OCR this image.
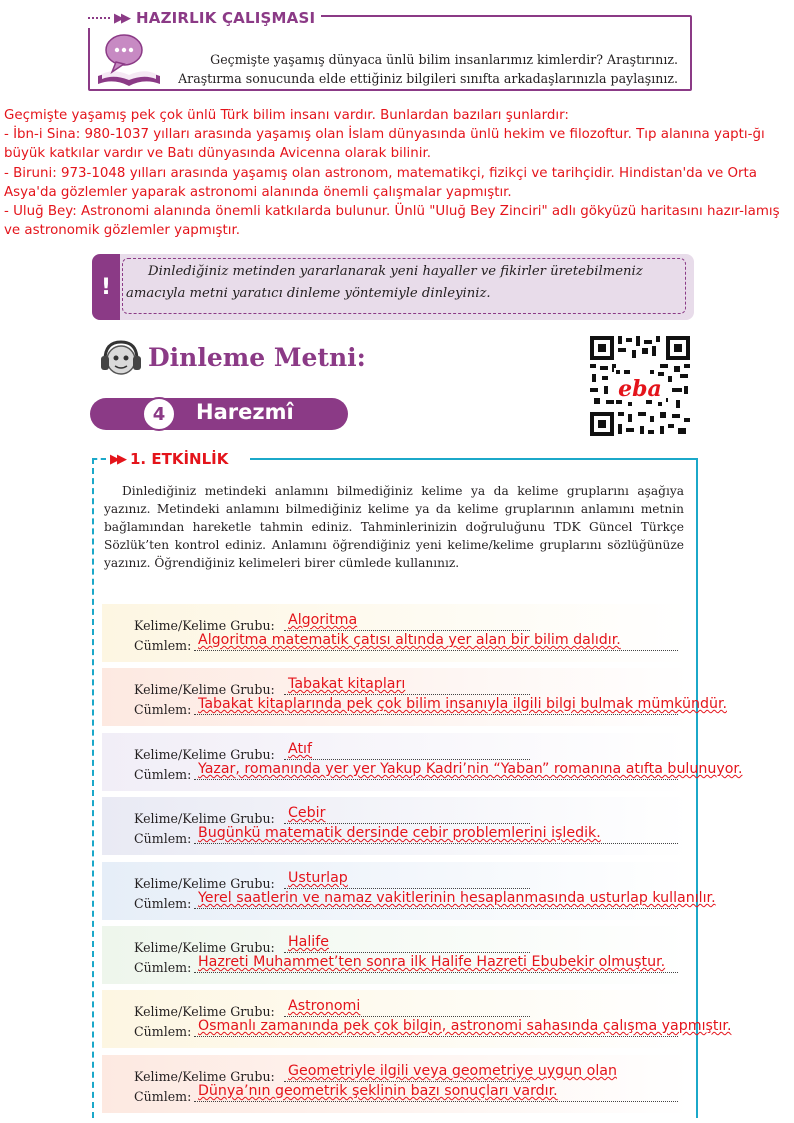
▶▶ HAZIRLIK ÇALIŞMASI
Geçmişte yaşamış dünyaca ünlü bilim insanlarımız kimlerdir? Araştırınız.
Araştırma sonucunda elde ettiğiniz bilgileri sınıfta arkadaşlarınızla paylaşınız.

Geçmişte yaşamış pek çok ünlü Türk bilim insanı vardır. Bunlardan bazıları şunlardır:

- İbn-i Sina: 980-1037 yılları arasında yaşamış olan İslam dünyasında ünlü hekim ve filozoftur. Tıp alanına yaptı-ğı büyük katkılar vardır ve Batı dünyasında Avicenna olarak bilinir.

- Biruni: 973-1048 yılları arasında yaşamış olan astronom, matematikçi, fizikçi ve tarihçidir. Hindistan'da ve Orta Asya'da gözlemler yaparak astronomi alanında önemli çalışmalar yapmıştır.

- Uluğ Bey: Astronomi alanında önemli katkılarda bulunur. Ünlü "Uluğ Bey Zinciri" adlı gökyüzü haritasını hazır-lamış ve astronomik gözlemler yapmıştır.

!
Dinlediğiniz metinden yararlanarak yeni hayaller ve fikirler üretebilmeniz amacıyla metni yaratıcı dinleme yöntemiyle dinleyiniz.
Dinleme Metni:
4	Harezmî
eba
▶▶ 1. ETKİNLİK
Dinlediğiniz metindeki anlamını bilmediğiniz kelime ya da kelime gruplarını aşağıya yazınız. Metindeki anlamını bilmediğiniz kelime ya da kelime gruplarının anlamını metnin bağlamından hareketle tahmin ediniz. Tahminlerinizin doğruluğunu TDK Güncel Türkçe Sözlük’ten kontrol ediniz. Anlamını öğrendiğiniz yeni kelime/kelime gruplarını sözlüğünüze yazınız. Öğrendiğiniz kelimeleri birer cümlede kullanınız.
Kelime/Kelime Grubu:
Cümlem:
Algoritma
Algoritma matematik çatısı altında yer alan bir bilim dalıdır.
Kelime/Kelime Grubu:
Cümlem:
Tabakat kitapları
Tabakat kitaplarında pek çok bilim insanıyla ilgili bilgi bulmak mümkündür.
Kelime/Kelime Grubu:
Cümlem:
Atıf
Yazar, romanında yer yer Yakup Kadri’nin “Yaban” romanına atıfta bulunuyor.
Kelime/Kelime Grubu:
Cümlem:
Cebir
Bugünkü matematik dersinde cebir problemlerini işledik.
Kelime/Kelime Grubu:
Cümlem:
Usturlap
Yerel saatlerin ve namaz vakitlerinin hesaplanmasında usturlap kullanılır.
Kelime/Kelime Grubu:
Cümlem:
Halife
Hazreti Muhammet’ten sonra ilk Halife Hazreti Ebubekir olmuştur.
Kelime/Kelime Grubu:
Cümlem:
Astronomi
Osmanlı zamanında pek çok bilgin, astronomi sahasında çalışma yapmıştır.
Kelime/Kelime Grubu:
Cümlem:
Geometriyle ilgili veya geometriye uygun olan
Dünya’nın geometrik şeklinin bazı sonuçları vardır.
